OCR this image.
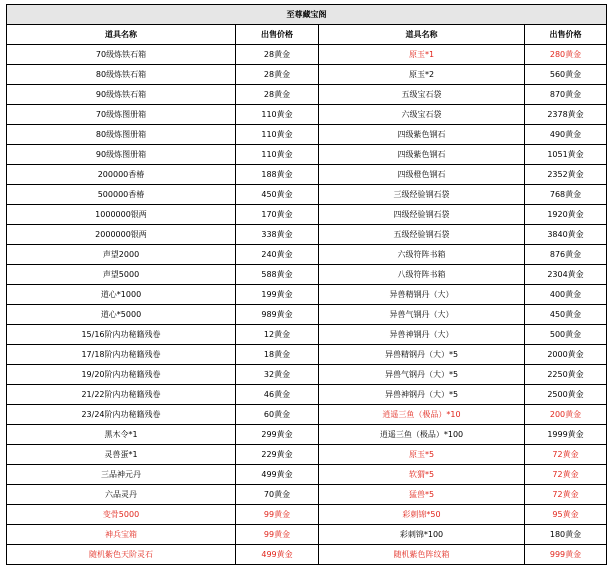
至尊藏宝阁			
道具名称	出售价格	道具名称	出售价格
70级炼铁石箱	28黄金	原玉*1	280黄金
80级炼铁石箱	28黄金	原玉*2	560黄金
90级炼铁石箱	28黄金	五级宝石袋	870黄金
70级炼图册箱	110黄金	六级宝石袋	2378黄金
80级炼图册箱	110黄金	四级紫色钢石	490黄金
90级炼图册箱	110黄金	四级紫色钢石	1051黄金
200000香椿	188黄金	四级橙色钢石	2352黄金
500000香椿	450黄金	三级经验钢石袋	768黄金
1000000银两	170黄金	四级经验钢石袋	1920黄金
2000000银两	338黄金	五级经验钢石袋	3840黄金
声望2000	240黄金	六级符阵书箱	876黄金
声望5000	588黄金	八级符阵书箱	2304黄金
道心*1000	199黄金	异兽精钢丹（大）	400黄金
道心*5000	989黄金	异兽气钢丹（大）	450黄金
15/16阶内功秘籍残卷	12黄金	异兽神钢丹（大）	500黄金
17/18阶内功秘籍残卷	18黄金	异兽精钢丹（大）*5	2000黄金
19/20阶内功秘籍残卷	32黄金	异兽气钢丹（大）*5	2250黄金
21/22阶内功秘籍残卷	46黄金	异兽神钢丹（大）*5	2500黄金
23/24阶内功秘籍残卷	60黄金	逍遥三鱼（极品）*10	200黄金
黑木令*1	299黄金	逍遥三鱼（极品）*100	1999黄金
灵兽蛋*1	229黄金	原玉*5	72黄金
三品神元丹	499黄金	软猬*5	72黄金
六品灵丹	70黄金	猛兽*5	72黄金
变骨5000	99黄金	彩刺锦*50	95黄金
神兵宝箱	99黄金	彩刺锦*100	180黄金
随机紫色天阶灵石	499黄金	随机紫色阵纹箱	999黄金
